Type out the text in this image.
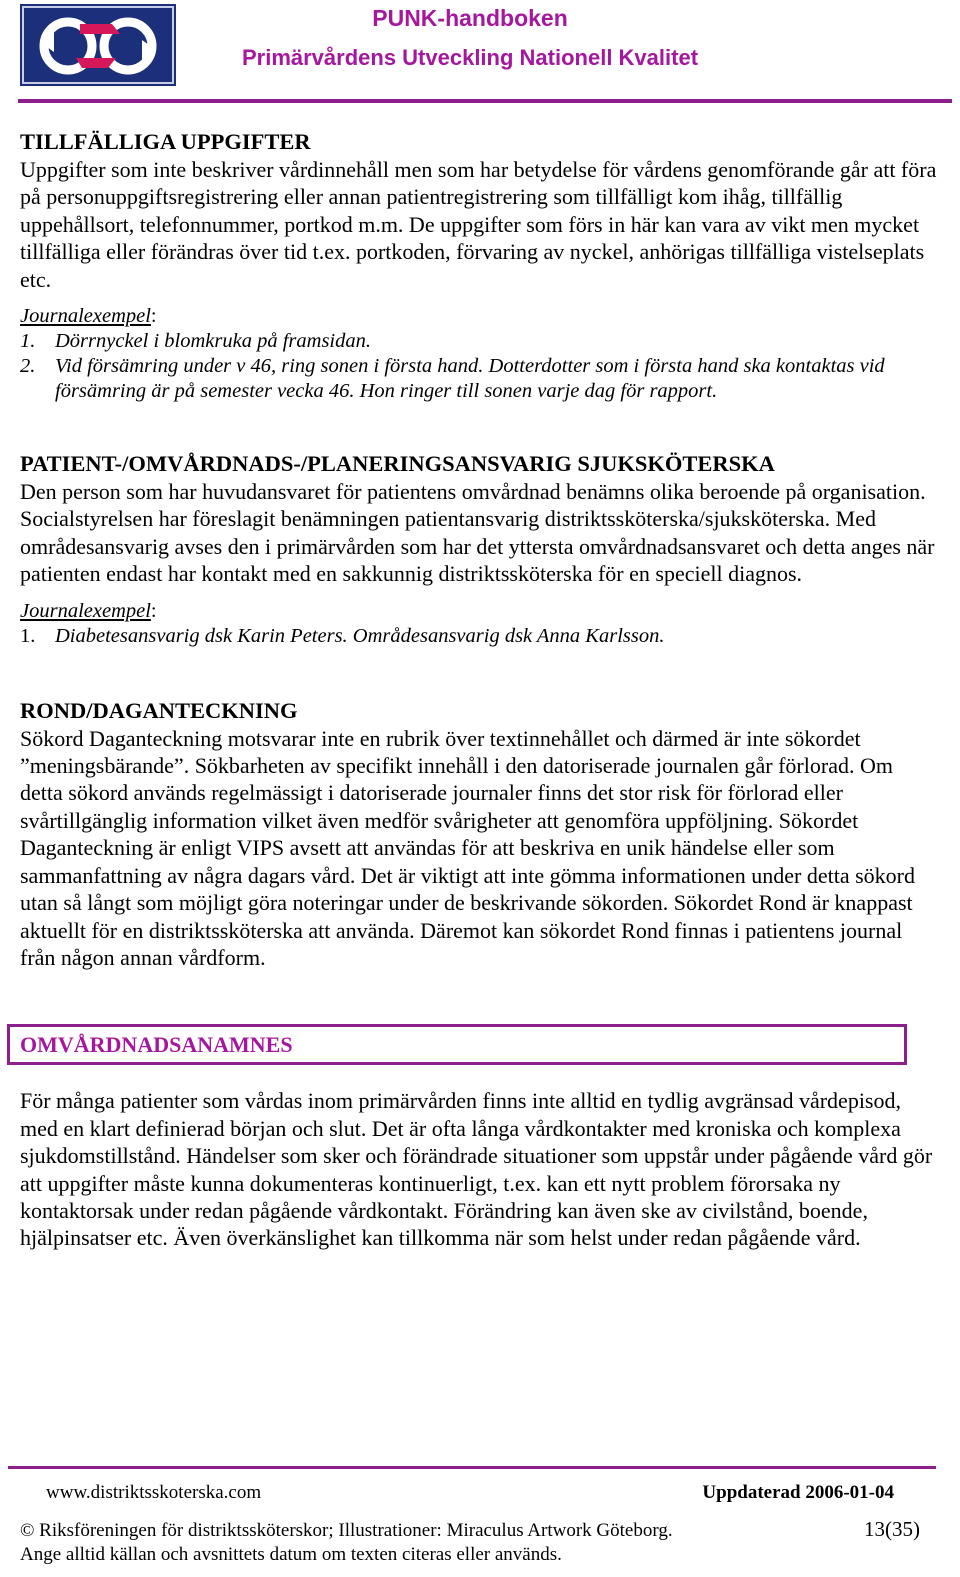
PUNK-handboken
Primärvårdens Utveckling Nationell Kvalitet
TILLFÄLLIGA UPPGIFTER

Uppgifter som inte beskriver vårdinnehåll men som har betydelse för vårdens genomförande går att föra på personuppgiftsregistrering eller annan patientregistrering som tillfälligt kom ihåg, tillfällig uppehållsort, telefonnummer, portkod m.m. De uppgifter som förs in här kan vara av vikt men mycket tillfälliga eller förändras över tid t.ex. portkoden, förvaring av nyckel, anhörigas tillfälliga vistelseplats etc.

Journalexempel:
1. Dörrnyckel i blomkruka på framsidan.
2. Vid försämring under v 46, ring sonen i första hand. Dotterdotter som i första hand ska kontaktas vid försämring är på semester vecka 46. Hon ringer till sonen varje dag för rapport.
PATIENT-/OMVÅRDNADS-/PLANERINGSANSVARIG SJUKSKÖTERSKA

Den person som har huvudansvaret för patientens omvårdnad benämns olika beroende på organisation. Socialstyrelsen har föreslagit benämningen patientansvarig distriktssköterska/sjuksköterska. Med områdesansvarig avses den i primärvården som har det yttersta omvårdnadsansvaret och detta anges när patienten endast har kontakt med en sakkunnig distriktssköterska för en speciell diagnos.

Journalexempel:
1. Diabetesansvarig dsk Karin Peters. Områdesansvarig dsk Anna Karlsson.
ROND/DAGANTECKNING

Sökord Daganteckning motsvarar inte en rubrik över textinnehållet och därmed är inte sökordet ”meningsbärande”. Sökbarheten av specifikt innehåll i den datoriserade journalen går förlorad. Om detta sökord används regelmässigt i datoriserade journaler finns det stor risk för förlorad eller svårtillgänglig information vilket även medför svårigheter att genomföra uppföljning. Sökordet Daganteckning är enligt VIPS avsett att användas för att beskriva en unik händelse eller som sammanfattning av några dagars vård. Det är viktigt att inte gömma informationen under detta sökord utan så långt som möjligt göra noteringar under de beskrivande sökorden. Sökordet Rond är knappast aktuellt för en distriktssköterska att använda. Däremot kan sökordet Rond finnas i patientens journal från någon annan vårdform.

OMVÅRDNADSANAMNES

För många patienter som vårdas inom primärvården finns inte alltid en tydlig avgränsad vårdepisod, med en klart definierad början och slut. Det är ofta långa vårdkontakter med kroniska och komplexa sjukdomstillstånd. Händelser som sker och förändrade situationer som uppstår under pågående vård gör att uppgifter måste kunna dokumenteras kontinuerligt, t.ex. kan ett nytt problem förorsaka ny kontaktorsak under redan pågående vårdkontakt. Förändring kan även ske av civilstånd, boende, hjälpinsatser etc. Även överkänslighet kan tillkomma när som helst under redan pågående vård.

www.distriktsskoterska.com	Uppdaterad 2006-01-04
© Riksföreningen för distriktssköterskor; Illustrationer: Miraculus Artwork Göteborg.	13(35)
Ange alltid källan och avsnittets datum om texten citeras eller används.
